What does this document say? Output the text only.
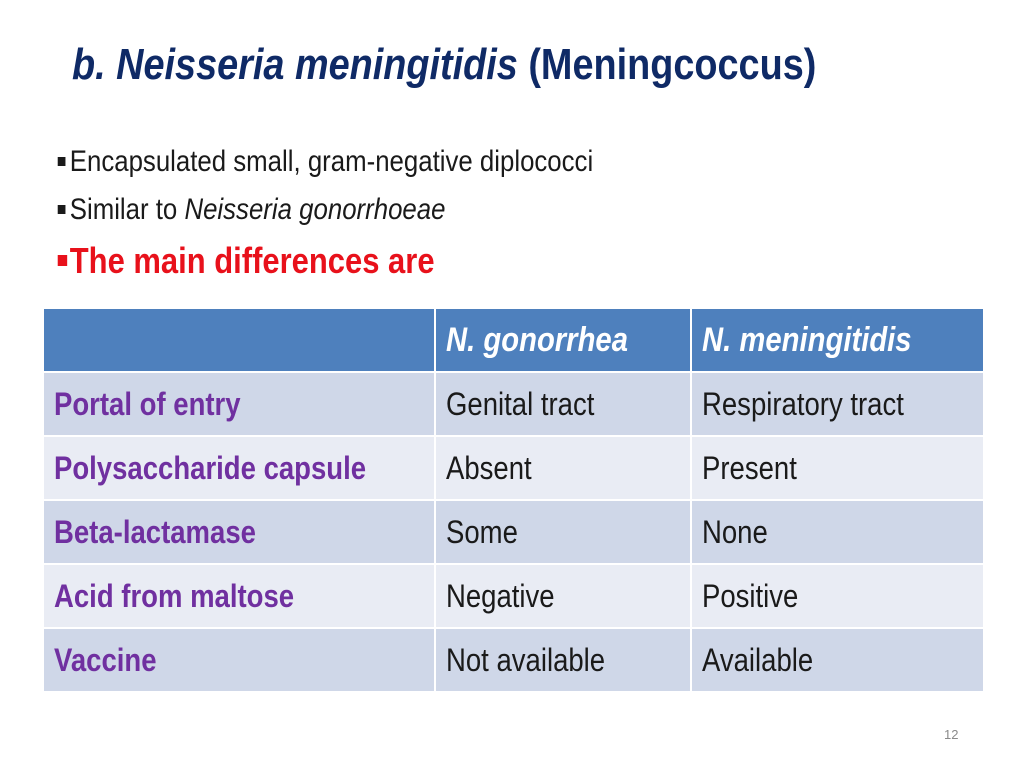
b. Neisseria meningitidis (Meningcoccus)
Encapsulated small, gram-negative diplococci
Similar to Neisseria gonorrhoeae
The main differences are
	N. gonorrhea	N. meningitidis
Portal of entry	Genital tract	Respiratory tract
Polysaccharide capsule	Absent	Present
Beta-lactamase	Some	None
Acid from maltose	Negative	Positive
Vaccine	Not available	Available
12
